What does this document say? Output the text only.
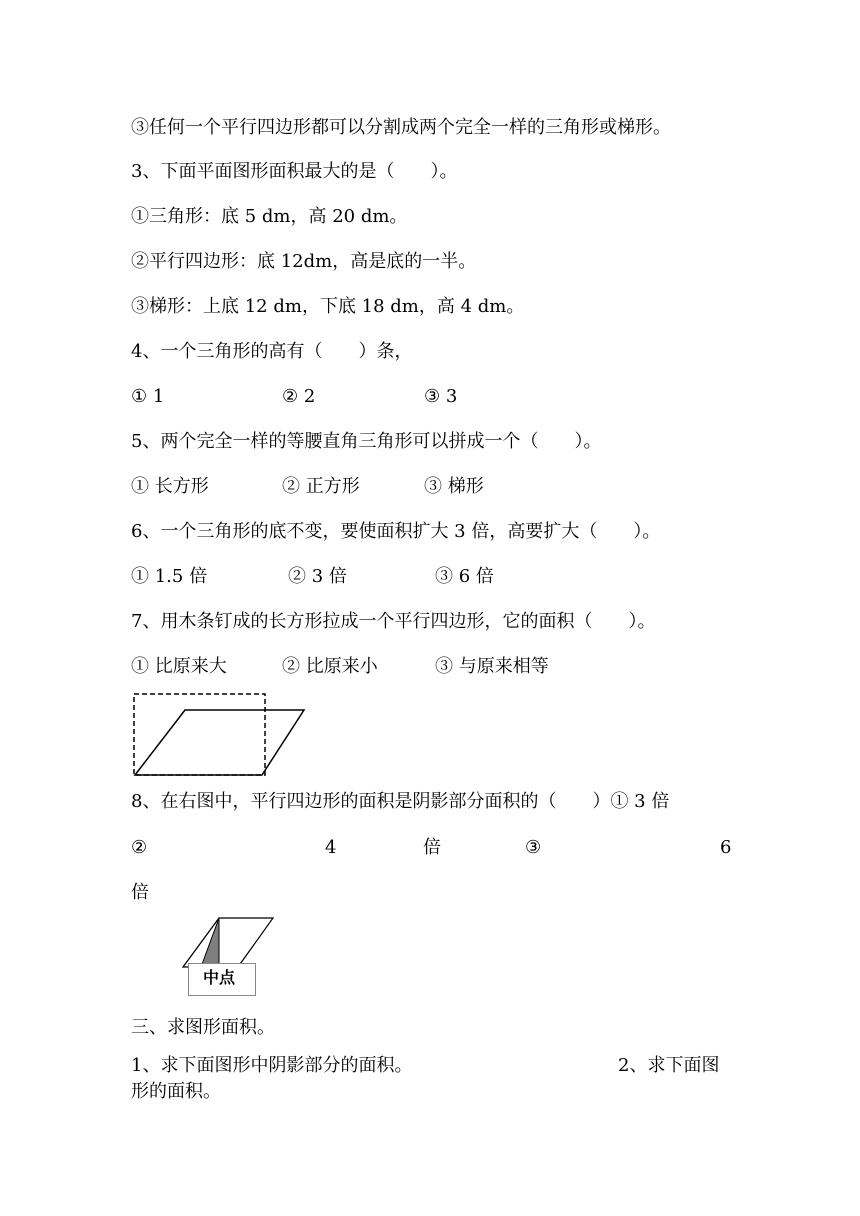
③任何一个平行四边形都可以分割成两个完全一样的三角形或梯形。
3、下面平面图形面积最大的是（　　）。
①三角形：底 5 dm，高 20 dm。
②平行四边形：底 12dm，高是底的一半。
③梯形：上底 12 dm，下底 18 dm，高 4 dm。
4、一个三角形的高有（　　）条，
① 1	② 2	③ 3
5、两个完全一样的等腰直角三角形可以拼成一个（　　）。
① 长方形	② 正方形	③ 梯形
6、一个三角形的底不变，要使面积扩大 3 倍，高要扩大（　　）。
① 1.5 倍	② 3 倍	③ 6 倍
7、用木条钉成的长方形拉成一个平行四边形，它的面积（　　）。
① 比原来大	② 比原来小	③ 与原来相等
8、在右图中，平行四边形的面积是阴影部分面积的（　　）① 3 倍
②	4	倍	③	6
倍
中点
三、求图形面积。
1、求下面图形中阴影部分的面积。	2、求下面图
形的面积。
